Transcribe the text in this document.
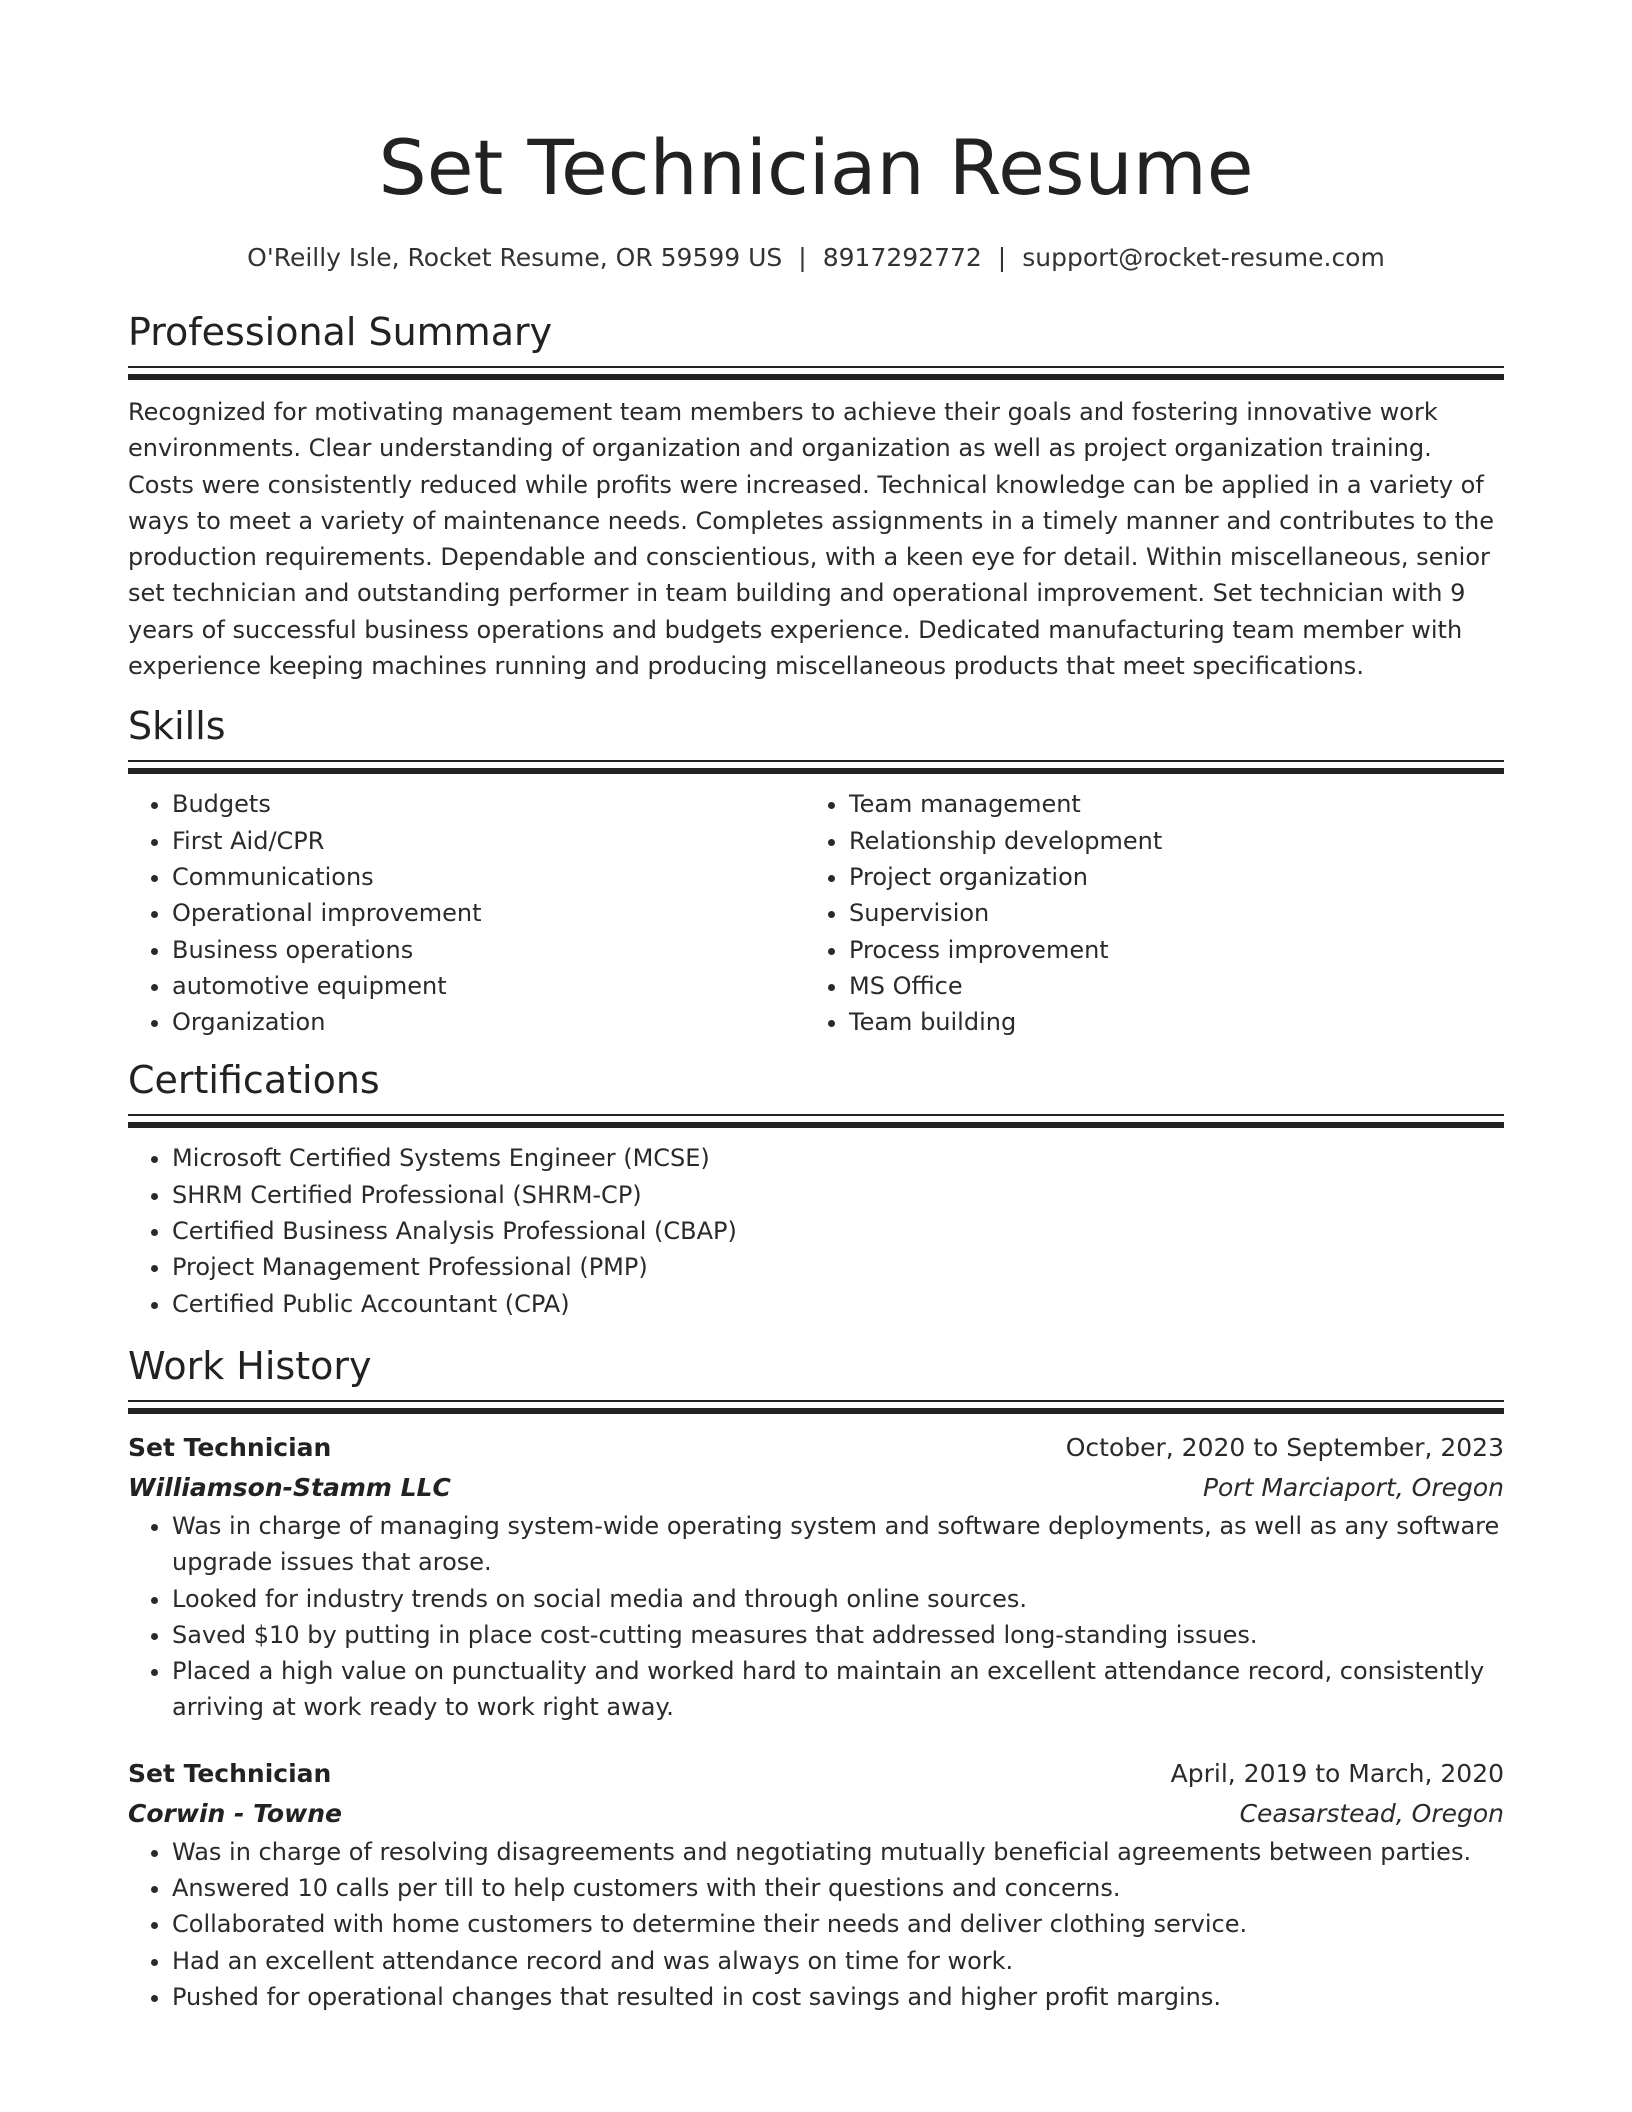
Set Technician Resume
O'Reilly Isle, Rocket Resume, OR 59599 US | 8917292772 | support@rocket-resume.com
Professional Summary

Recognized for motivating management team members to achieve their goals and fostering innovative work environments. Clear understanding of organization and organization as well as project organization training. Costs were consistently reduced while profits were increased. Technical knowledge can be applied in a variety of ways to meet a variety of maintenance needs. Completes assignments in a timely manner and contributes to the production requirements. Dependable and conscientious, with a keen eye for detail. Within miscellaneous, senior set technician and outstanding performer in team building and operational improvement. Set technician with 9 years of successful business operations and budgets experience. Dedicated manufacturing team member with experience keeping machines running and producing miscellaneous products that meet specifications.

Skills
• Budgets
• First Aid/CPR
• Communications
• Operational improvement
• Business operations
• automotive equipment
• Organization
• Team management
• Relationship development
• Project organization
• Supervision
• Process improvement
• MS Office
• Team building
Certifications
• Microsoft Certified Systems Engineer (MCSE)
• SHRM Certified Professional (SHRM-CP)
• Certified Business Analysis Professional (CBAP)
• Project Management Professional (PMP)
• Certified Public Accountant (CPA)
Work History
Set Technician	October, 2020 to September, 2023
Williamson-Stamm LLC	Port Marciaport, Oregon
• Was in charge of managing system-wide operating system and software deployments, as well as any software upgrade issues that arose.
• Looked for industry trends on social media and through online sources.
• Saved $10 by putting in place cost-cutting measures that addressed long-standing issues.
• Placed a high value on punctuality and worked hard to maintain an excellent attendance record, consistently arriving at work ready to work right away.
Set Technician	April, 2019 to March, 2020
Corwin - Towne	Ceasarstead, Oregon
• Was in charge of resolving disagreements and negotiating mutually beneficial agreements between parties.
• Answered 10 calls per till to help customers with their questions and concerns.
• Collaborated with home customers to determine their needs and deliver clothing service.
• Had an excellent attendance record and was always on time for work.
• Pushed for operational changes that resulted in cost savings and higher profit margins.
